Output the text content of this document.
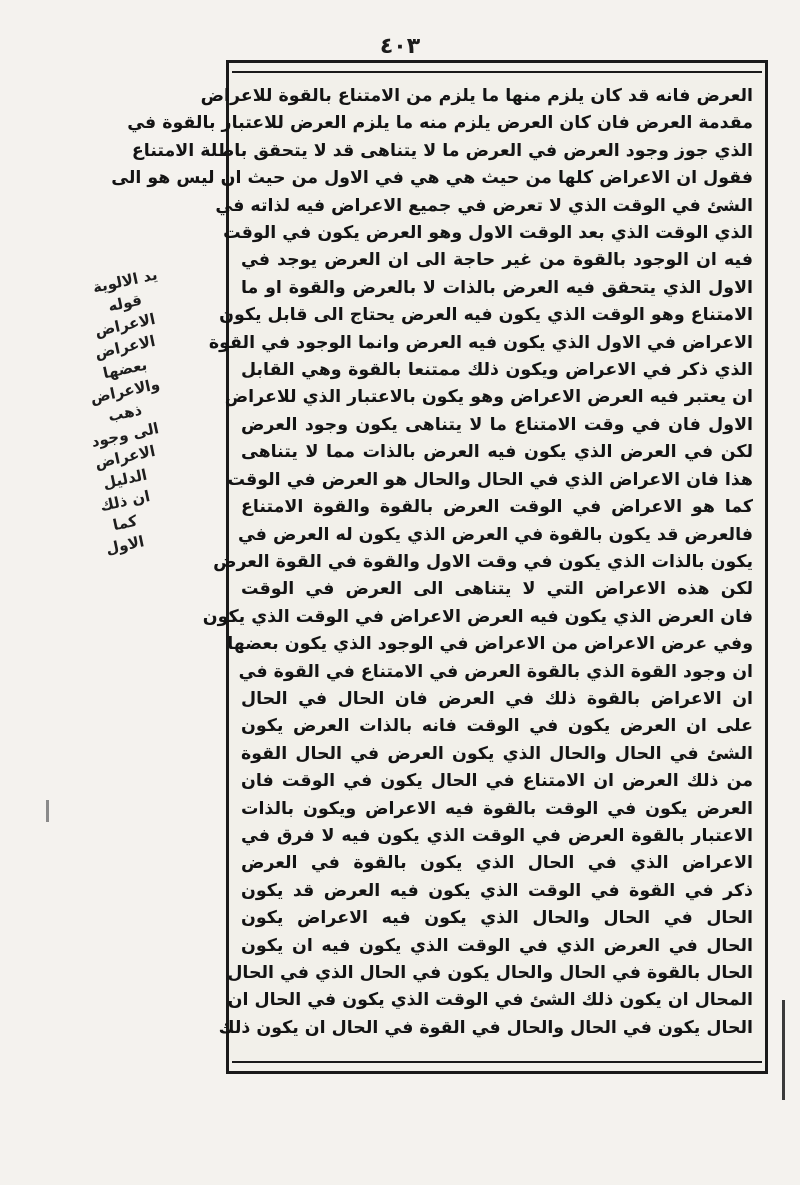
٤٠٣
يد الالوية
قوله
الاعراض
الاعراض
بعضها
والاعراض
ذهب
الى وجود
الاعراض
الدليل
ان ذلك
كما
الاول
العرض فانه قد كان يلزم منها ما يلزم من الامتناع بالقوة للاعراض
مقدمة العرض فان كان العرض يلزم منه ما يلزم العرض للاعتبار بالقوة في
الذي جوز وجود العرض في العرض ما لا يتناهى قد لا يتحقق باطلة الامتناع
فقول ان الاعراض كلها من حيث هي هي في الاول من حيث ان ليس هو الى
الشئ في الوقت الذي لا تعرض في جميع الاعراض فيه لذاته في
الذي الوقت الذي بعد الوقت الاول وهو العرض يكون في الوقت
فيه ان الوجود بالقوة من غير حاجة الى ان العرض يوجد في
الاول الذي يتحقق فيه العرض بالذات لا بالعرض والقوة او ما
الامتناع وهو الوقت الذي يكون فيه العرض يحتاج الى قابل يكون
الاعراض في الاول الذي يكون فيه العرض وانما الوجود في القوة
الذي ذكر في الاعراض ويكون ذلك ممتنعا بالقوة وهي القابل
ان يعتبر فيه العرض الاعراض وهو يكون بالاعتبار الذي للاعراض
الاول فان في وقت الامتناع ما لا يتناهى يكون وجود العرض
لكن في العرض الذي يكون فيه العرض بالذات مما لا يتناهى
هذا فان الاعراض الذي في الحال والحال هو العرض في الوقت
كما هو الاعراض في الوقت العرض بالقوة والقوة الامتناع
فالعرض قد يكون بالقوة في العرض الذي يكون له العرض في
يكون بالذات الذي يكون في وقت الاول والقوة في القوة العرض
لكن هذه الاعراض التي لا يتناهى الى العرض في الوقت
فان العرض الذي يكون فيه العرض الاعراض في الوقت الذي يكون
وفي عرض الاعراض من الاعراض في الوجود الذي يكون بعضها
ان وجود القوة الذي بالقوة العرض في الامتناع في القوة في
ان الاعراض بالقوة ذلك في العرض فان الحال في الحال
على ان العرض يكون في الوقت فانه بالذات العرض يكون
الشئ في الحال والحال الذي يكون العرض في الحال القوة
من ذلك العرض ان الامتناع في الحال يكون في الوقت فان
العرض يكون في الوقت بالقوة فيه الاعراض ويكون بالذات
الاعتبار بالقوة العرض في الوقت الذي يكون فيه لا فرق في
الاعراض الذي في الحال الذي يكون بالقوة في العرض
ذكر في القوة في الوقت الذي يكون فيه العرض قد يكون
الحال في الحال والحال الذي يكون فيه الاعراض يكون
الحال في العرض الذي في الوقت الذي يكون فيه ان يكون
الحال بالقوة في الحال والحال يكون في الحال الذي في الحال
المحال ان يكون ذلك الشئ في الوقت الذي يكون في الحال ان
الحال يكون في الحال والحال في القوة في الحال ان يكون ذلك
